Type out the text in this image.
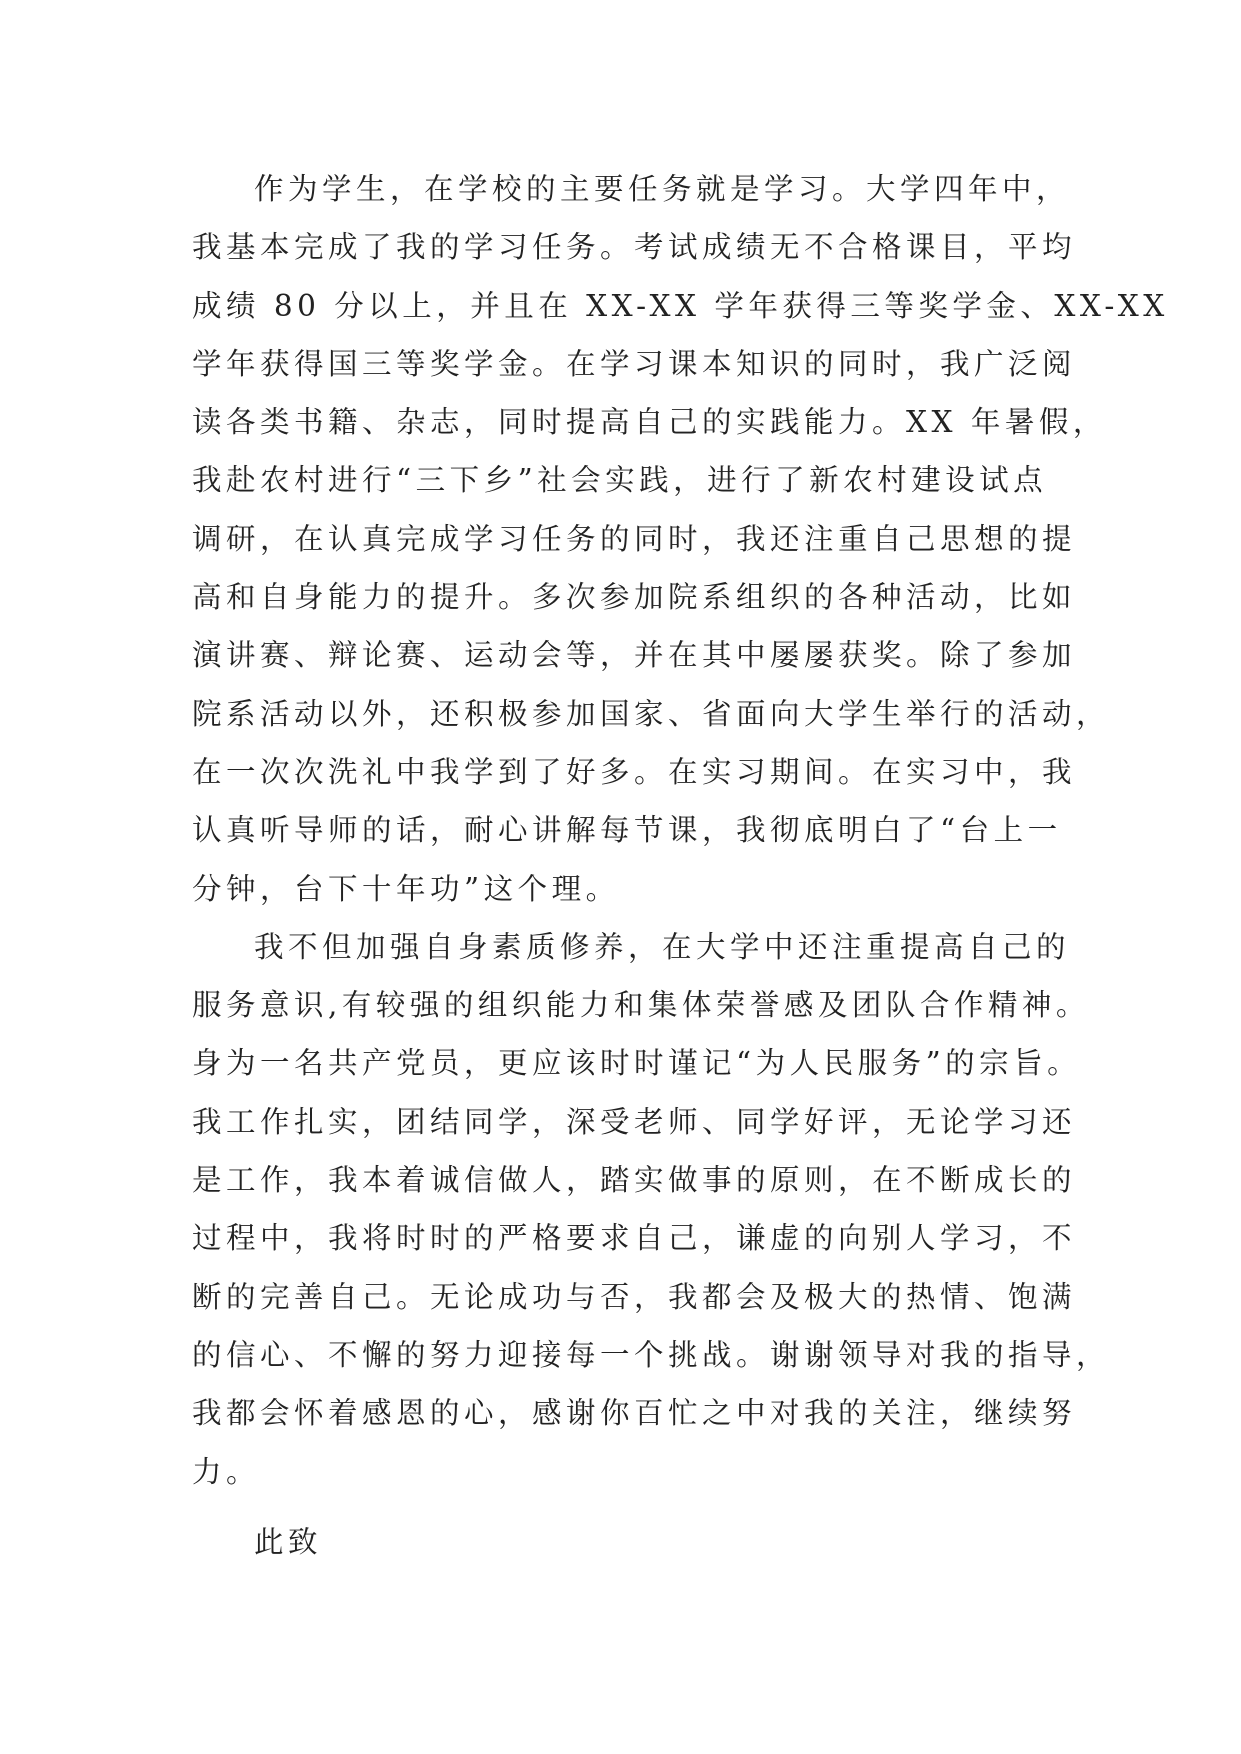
作为学生，在学校的主要任务就是学习。大学四年中，
我基本完成了我的学习任务。考试成绩无不合格课目，平均
成绩 80 分以上，并且在 XX-XX 学年获得三等奖学金、XX-XX
学年获得国三等奖学金。在学习课本知识的同时，我广泛阅
读各类书籍、杂志，同时提高自己的实践能力。XX 年暑假，
我赴农村进行“三下乡”社会实践，进行了新农村建设试点
调研，在认真完成学习任务的同时，我还注重自己思想的提
高和自身能力的提升。多次参加院系组织的各种活动，比如
演讲赛、辩论赛、运动会等，并在其中屡屡获奖。除了参加
院系活动以外，还积极参加国家、省面向大学生举行的活动，
在一次次洗礼中我学到了好多。在实习期间。在实习中，我
认真听导师的话，耐心讲解每节课，我彻底明白了“台上一
分钟，台下十年功”这个理。
我不但加强自身素质修养，在大学中还注重提高自己的
服务意识,有较强的组织能力和集体荣誉感及团队合作精神。
身为一名共产党员，更应该时时谨记“为人民服务”的宗旨。
我工作扎实，团结同学，深受老师、同学好评，无论学习还
是工作，我本着诚信做人，踏实做事的原则，在不断成长的
过程中，我将时时的严格要求自己，谦虚的向别人学习，不
断的完善自己。无论成功与否，我都会及极大的热情、饱满
的信心、不懈的努力迎接每一个挑战。谢谢领导对我的指导，
我都会怀着感恩的心，感谢你百忙之中对我的关注，继续努
力。
此致
